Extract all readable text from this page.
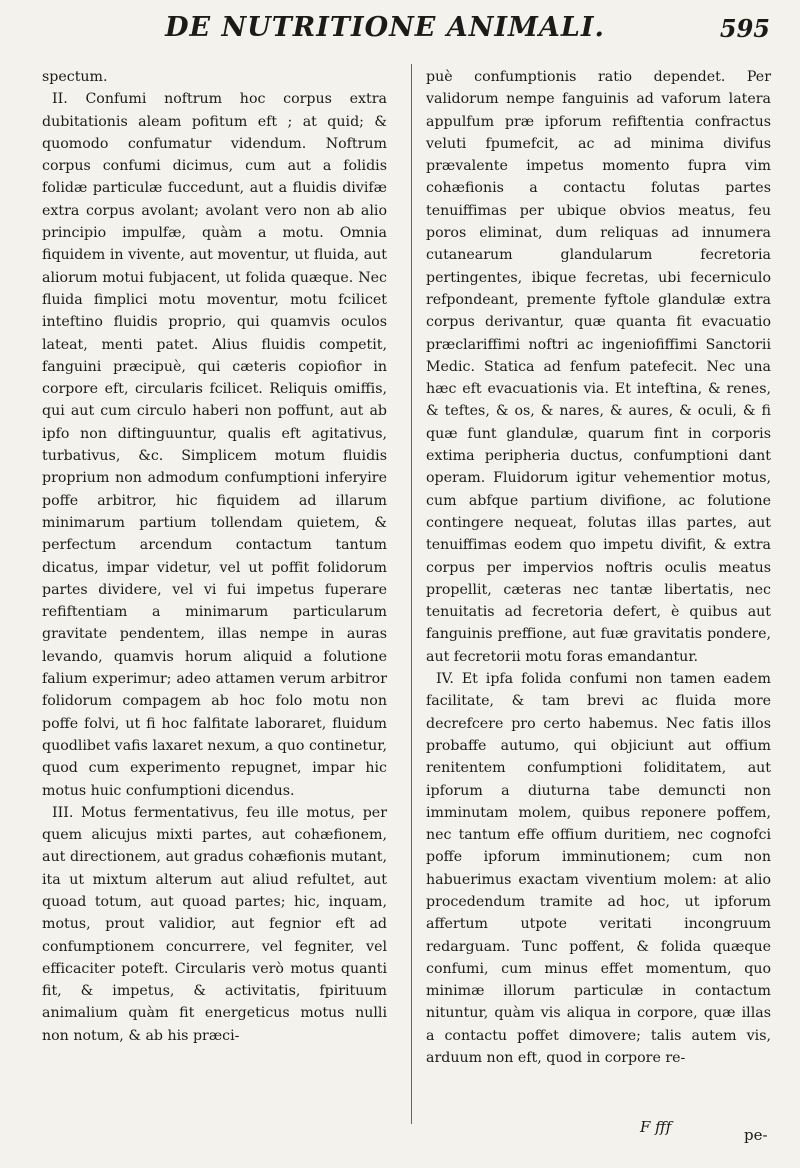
DE NUTRITIONE ANIMALI.	595

spectum.

II. Confumi noftrum hoc corpus extra dubitationis aleam pofitum eft ; at quid; & quomodo confumatur videndum. Noftrum corpus confumi dicimus, cum aut a folidis folidæ particulæ fuccedunt, aut a fluidis divifæ extra corpus avolant; avolant vero non ab alio principio impulfæ, quàm a motu. Omnia fiquidem in vivente, aut moventur, ut fluida, aut aliorum motui fubjacent, ut folida quæque. Nec fluida fimplici motu moventur, motu fcilicet inteftino fluidis proprio, qui quamvis oculos lateat, menti patet. Alius fluidis competit, fanguini præcipuè, qui cæteris copiofior in corpore eft, circularis fcilicet. Reliquis omiffis, qui aut cum circulo haberi non poffunt, aut ab ipfo non diftinguuntur, qualis eft agitativus, turbativus, &c. Simplicem motum fluidis proprium non admodum confumptioni inferyire poffe arbitror, hic fiquidem ad illarum minimarum partium tollendam quietem, & perfectum arcendum contactum tantum dicatus, impar videtur, vel ut poffit folidorum partes dividere, vel vi fui impetus fuperare refiftentiam a minimarum particularum gravitate pendentem, illas nempe in auras levando, quamvis horum aliquid a folutione falium experimur; adeo attamen verum arbitror folidorum compagem ab hoc folo motu non poffe folvi, ut fi hoc falfitate laboraret, fluidum quodlibet vafis laxaret nexum, a quo continetur, quod cum experimento repugnet, impar hic motus huic confumptioni dicendus.

III. Motus fermentativus, feu ille motus, per quem alicujus mixti partes, aut cohæfionem, aut directionem, aut gradus cohæfionis mutant, ita ut mixtum alterum aut aliud refultet, aut quoad totum, aut quoad partes; hic, inquam, motus, prout validior, aut fegnior eft ad confumptionem concurrere, vel fegniter, vel efficaciter poteft. Circularis verò motus quanti fit, & impetus, & activitatis, fpirituum animalium quàm fit energeticus motus nulli non notum, & ab his præci-

puè confumptionis ratio dependet. Per validorum nempe fanguinis ad vaforum latera appulfum præ ipforum refiftentia confractus veluti fpumefcit, ac ad minima divifus prævalente impetus momento fupra vim cohæfionis a contactu folutas partes tenuiffimas per ubique obvios meatus, feu poros eliminat, dum reliquas ad innumera cutanearum glandularum fecretoria pertingentes, ibique fecretas, ubi fecerniculo refpondeant, premente fyftole glandulæ extra corpus derivantur, quæ quanta fit evacuatio præclariffimi noftri ac ingeniofiffimi Sanctorii Medic. Statica ad fenfum patefecit. Nec una hæc eft evacuationis via. Et inteftina, & renes, & teftes, & os, & nares, & aures, & oculi, & fi quæ funt glandulæ, quarum fint in corporis extima peripheria ductus, confumptioni dant operam. Fluidorum igitur vehementior motus, cum abfque partium divifione, ac folutione contingere nequeat, folutas illas partes, aut tenuiffimas eodem quo impetu divifit, & extra corpus per impervios noftris oculis meatus propellit, cæteras nec tantæ libertatis, nec tenuitatis ad fecretoria defert, è quibus aut fanguinis preffione, aut fuæ gravitatis pondere, aut fecretorii motu foras emandantur.

IV. Et ipfa folida confumi non tamen eadem facilitate, & tam brevi ac fluida more decrefcere pro certo habemus. Nec fatis illos probaffe autumo, qui objiciunt aut offium renitentem confumptioni foliditatem, aut ipforum a diuturna tabe demuncti non imminutam molem, quibus reponere poffem, nec tantum effe offium duritiem, nec cognofci poffe ipforum imminutionem; cum non habuerimus exactam viventium molem: at alio procedendum tramite ad hoc, ut ipforum affertum utpote veritati incongruum redarguam. Tunc poffent, & folida quæque confumi, cum minus effet momentum, quo minimæ illorum particulæ in contactum nituntur, quàm vis aliqua in corpore, quæ illas a contactu poffet dimovere; talis autem vis, arduum non eft, quod in corpore re-

F fff	pe-
